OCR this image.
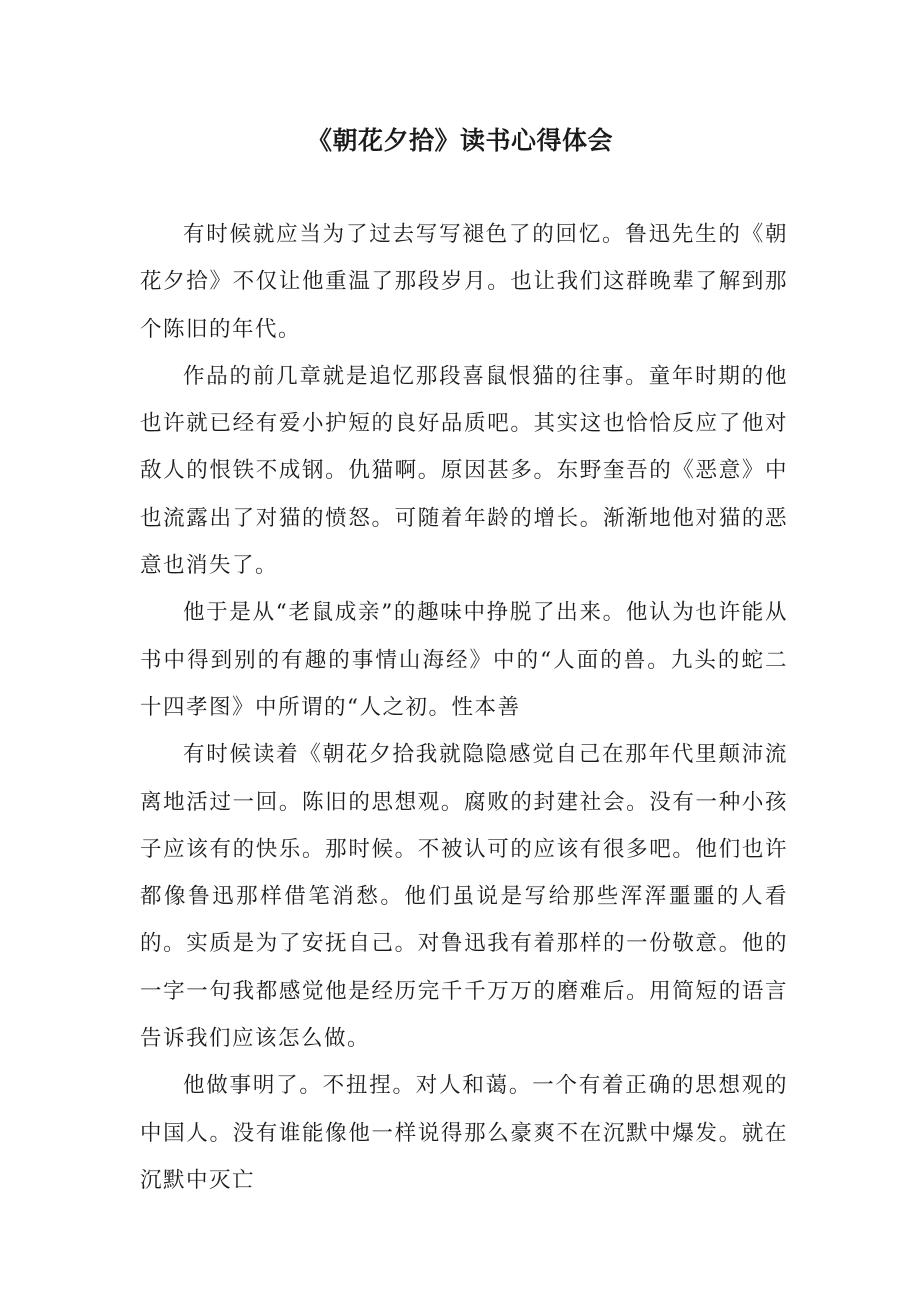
《朝花夕拾》读书心得体会

有时候就应当为了过去写写褪色了的回忆。鲁迅先生的《朝花夕拾》不仅让他重温了那段岁月。也让我们这群晚辈了解到那个陈旧的年代。

作品的前几章就是追忆那段喜鼠恨猫的往事。童年时期的他也许就已经有爱小护短的良好品质吧。其实这也恰恰反应了他对敌人的恨铁不成钢。仇猫啊。原因甚多。东野奎吾的《恶意》中也流露出了对猫的愤怒。可随着年龄的增长。渐渐地他对猫的恶意也消失了。

他于是从“老鼠成亲”的趣味中挣脱了出来。他认为也许能从书中得到别的有趣的事情山海经》中的“人面的兽。九头的蛇二十四孝图》中所谓的“人之初。性本善

有时候读着《朝花夕拾我就隐隐感觉自己在那年代里颠沛流离地活过一回。陈旧的思想观。腐败的封建社会。没有一种小孩子应该有的快乐。那时候。不被认可的应该有很多吧。他们也许都像鲁迅那样借笔消愁。他们虽说是写给那些浑浑噩噩的人看的。实质是为了安抚自己。对鲁迅我有着那样的一份敬意。他的一字一句我都感觉他是经历完千千万万的磨难后。用简短的语言告诉我们应该怎么做。

他做事明了。不扭捏。对人和蔼。一个有着正确的思想观的中国人。没有谁能像他一样说得那么豪爽不在沉默中爆发。就在沉默中灭亡
